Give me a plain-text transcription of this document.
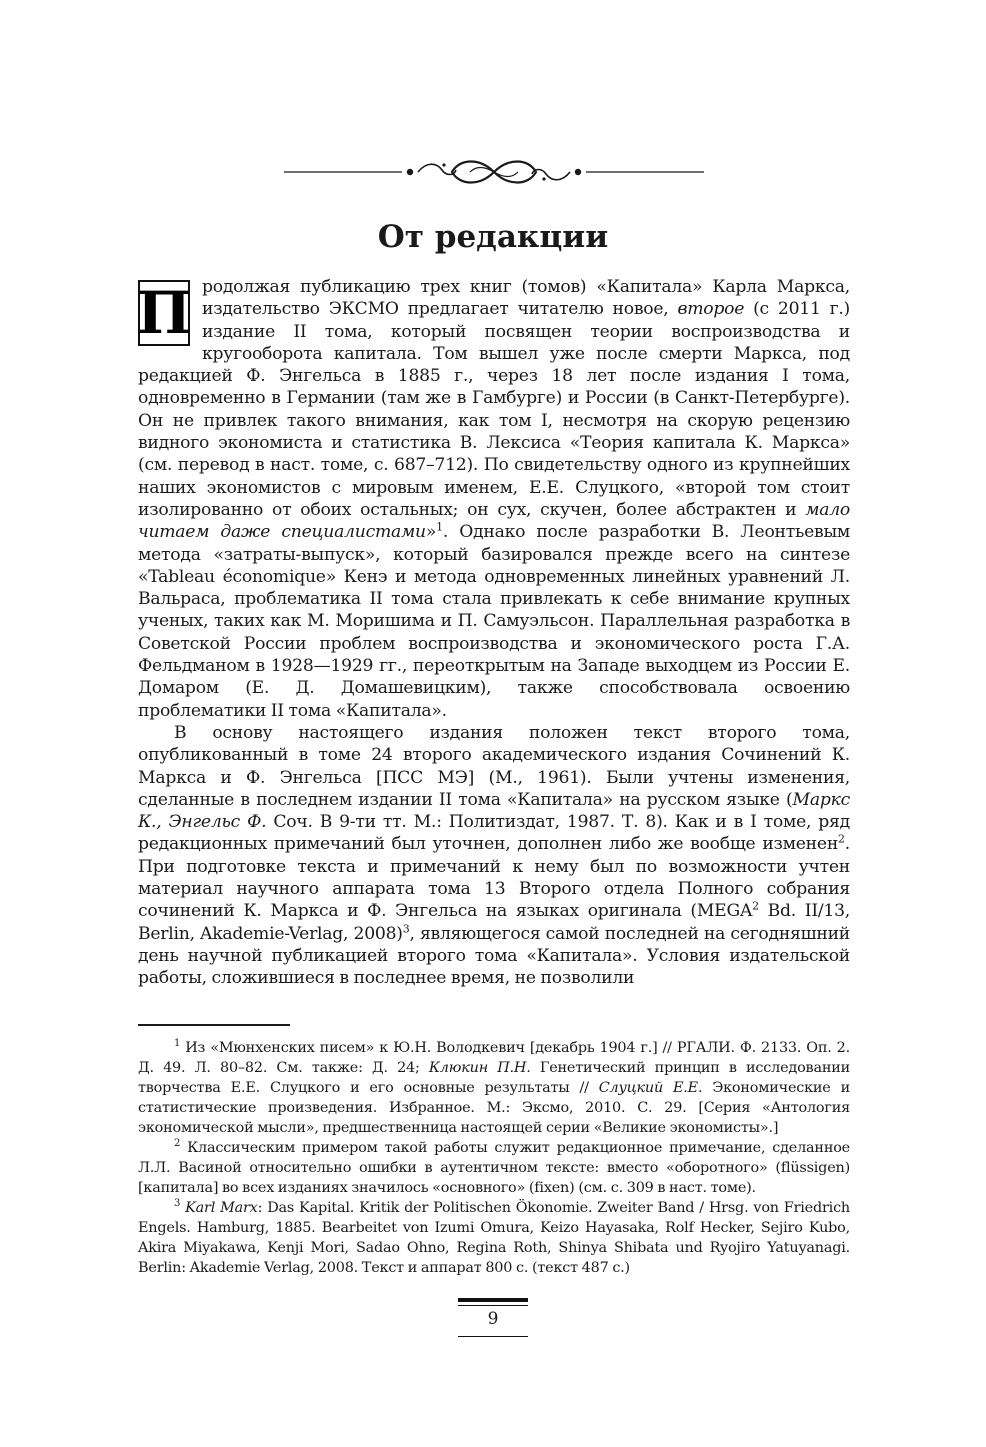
От редакции

П родолжая публикацию трех книг (томов) «Капитала» Карла Маркса, издательство ЭКСМО предлагает читателю новое, второе (с 2011 г.) издание II тома, который посвящен теории воспроизводства и кругооборота капитала. Том вышел уже после смерти Маркса, под редакцией Ф. Энгельса в 1885 г., через 18 лет после издания I тома, одновременно в Германии (там же в Гамбурге) и России (в Санкт-Петербурге). Он не привлек такого внимания, как том I, несмотря на скорую рецензию видного экономиста и статистика В. Лексиса «Теория капитала К. Маркса» (см. перевод в наст. томе, с. 687–712). По свидетельству одного из крупнейших наших экономистов с мировым именем, Е.Е. Слуцкого, «второй том стоит изолированно от обоих остальных; он сух, скучен, более абстрактен и мало читаем даже специалистами»$^1$. Однако после разработки В. Леонтьевым метода «затраты-выпуск», который базировался прежде всего на синтезе «Tableau économique» Кенэ и метода одновременных линейных уравнений Л. Вальраса, проблематика II тома стала привлекать к себе внимание крупных ученых, таких как М. Моришима и П. Самуэльсон. Параллельная разработка в Советской России проблем воспроизводства и экономического роста Г.А. Фельдманом в 1928—1929 гг., переоткрытым на Западе выходцем из России Е. Домаром (Е. Д. Домашевицким), также способствовала освоению проблематики II тома «Капитала».

В основу настоящего издания положен текст второго тома, опубликованный в томе 24 второго академического издания Сочинений К. Маркса и Ф. Энгельса [ПСС МЭ] (М., 1961). Были учтены изменения, сделанные в последнем издании II тома «Капитала» на русском языке (Маркс К., Энгельс Ф. Соч. В 9-ти тт. М.: Политиздат, 1987. Т. 8). Как и в I томе, ряд редакционных примечаний был уточнен, дополнен либо же вообще изменен$^2$. При подготовке текста и примечаний к нему был по возможности учтен материал научного аппарата тома 13 Второго отдела Полного собрания сочинений К. Маркса и Ф. Энгельса на языках оригинала (MEGA$^2$ Bd. II/13, Berlin, Akademie-Verlag, 2008)$^3$, являющегося самой последней на сегодняшний день научной публикацией второго тома «Капитала». Условия издательской работы, сложившиеся в последнее время, не позволили

$^1$ Из «Мюнхенских писем» к Ю.Н. Володкевич [декабрь 1904 г.] // РГАЛИ. Ф. 2133. Оп. 2. Д. 49. Л. 80–82. См. также: Д. 24; Клюкин П.Н. Генетический принцип в исследовании творчества Е.Е. Слуцкого и его основные результаты // Слуцкий Е.Е. Экономические и статистические произведения. Избранное. М.: Эксмо, 2010. С. 29. [Серия «Антология экономической мысли», предшественница настоящей серии «Великие экономисты».]

$^2$ Классическим примером такой работы служит редакционное примечание, сделанное Л.Л. Васиной относительно ошибки в аутентичном тексте: вместо «оборотного» (flüssigen) [капитала] во всех изданиях значилось «основного» (fixen) (см. с. 309 в наст. томе).

$^3$ Karl Marx: Das Kapital. Kritik der Politischen Ökonomie. Zweiter Band / Hrsg. von Friedrich Engels. Hamburg, 1885. Bearbeitet von Izumi Omura, Keizo Hayasaka, Rolf Hecker, Sejiro Kubo, Akira Miyakawa, Kenji Mori, Sadao Ohno, Regina Roth, Shinya Shibata und Ryojiro Yatuyanagi. Berlin: Akademie Verlag, 2008. Текст и аппарат 800 с. (текст 487 с.)

9
